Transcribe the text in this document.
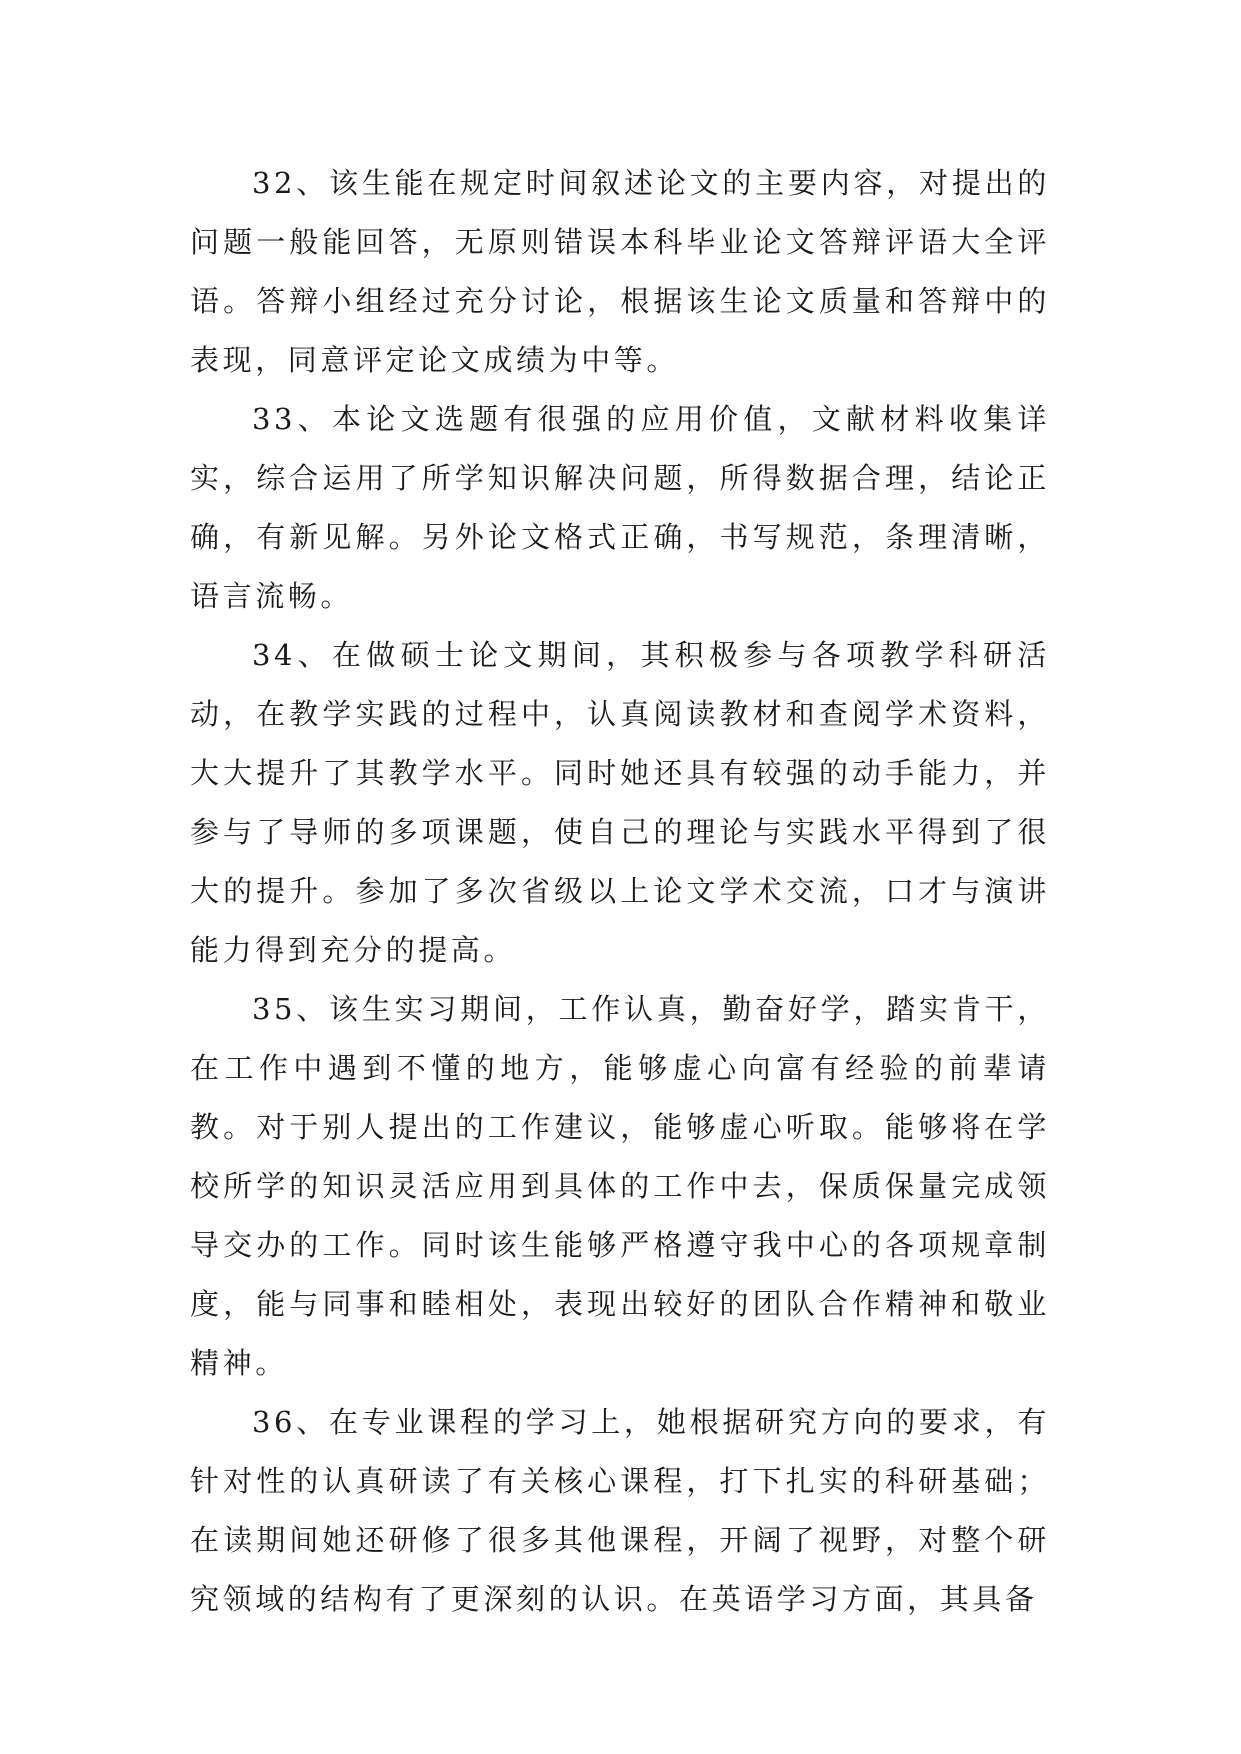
32、该生能在规定时间叙述论文的主要内容，对提出的问题一般能回答，无原则错误本科毕业论文答辩评语大全评语。答辩小组经过充分讨论，根据该生论文质量和答辩中的表现，同意评定论文成绩为中等。

33、本论文选题有很强的应用价值，文献材料收集详实，综合运用了所学知识解决问题，所得数据合理，结论正确，有新见解。另外论文格式正确，书写规范，条理清晰，语言流畅。

34、在做硕士论文期间，其积极参与各项教学科研活动，在教学实践的过程中，认真阅读教材和查阅学术资料，大大提升了其教学水平。同时她还具有较强的动手能力，并参与了导师的多项课题，使自己的理论与实践水平得到了很大的提升。参加了多次省级以上论文学术交流，口才与演讲能力得到充分的提高。

35、该生实习期间，工作认真，勤奋好学，踏实肯干，在工作中遇到不懂的地方，能够虚心向富有经验的前辈请教。对于别人提出的工作建议，能够虚心听取。能够将在学校所学的知识灵活应用到具体的工作中去，保质保量完成领导交办的工作。同时该生能够严格遵守我中心的各项规章制度，能与同事和睦相处，表现出较好的团队合作精神和敬业精神。

36、在专业课程的学习上，她根据研究方向的要求，有针对性的认真研读了有关核心课程，打下扎实的科研基础；在读期间她还研修了很多其他课程，开阔了视野，对整个研究领域的结构有了更深刻的认识。在英语学习方面，其具备
